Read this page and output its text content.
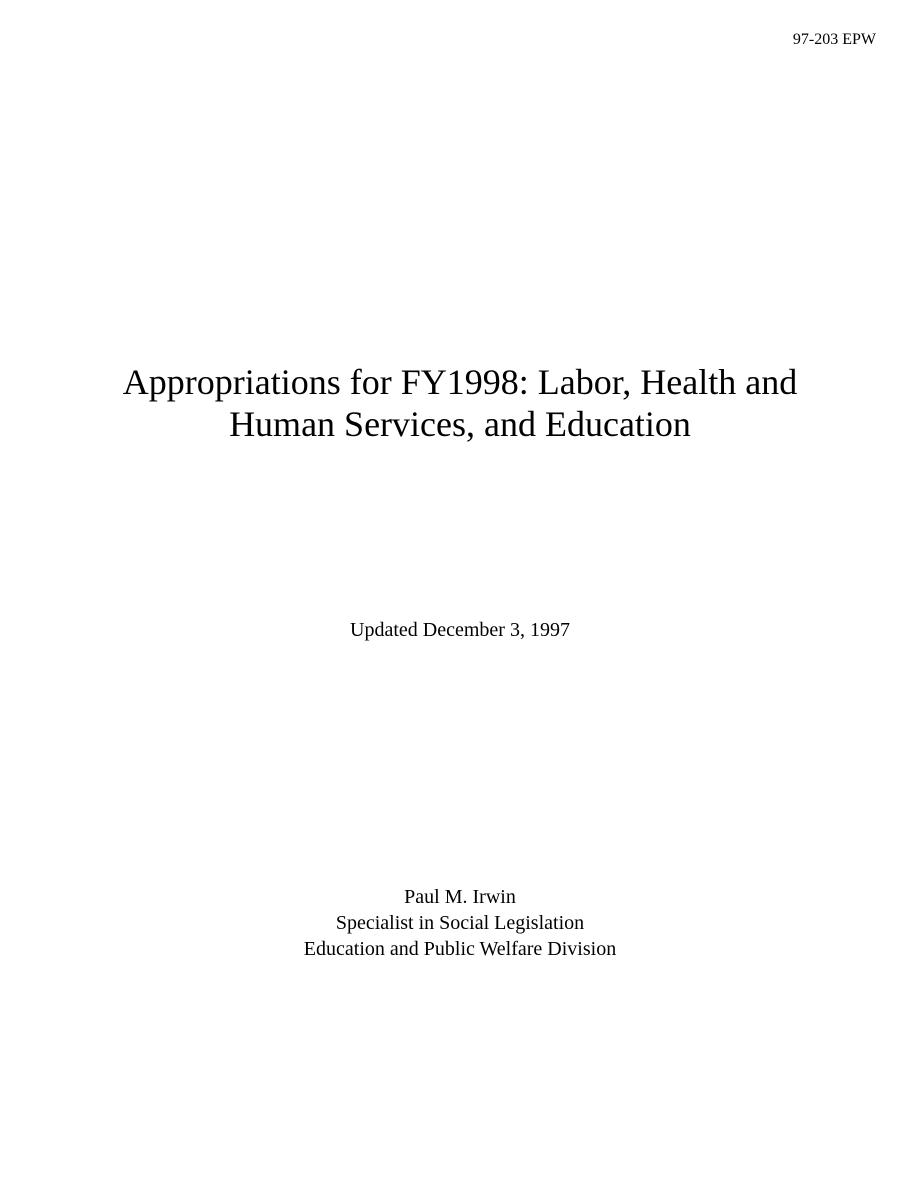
97-203 EPW
Appropriations for FY1998: Labor, Health and
Human Services, and Education
Updated December 3, 1997
Paul M. Irwin
Specialist in Social Legislation
Education and Public Welfare Division
